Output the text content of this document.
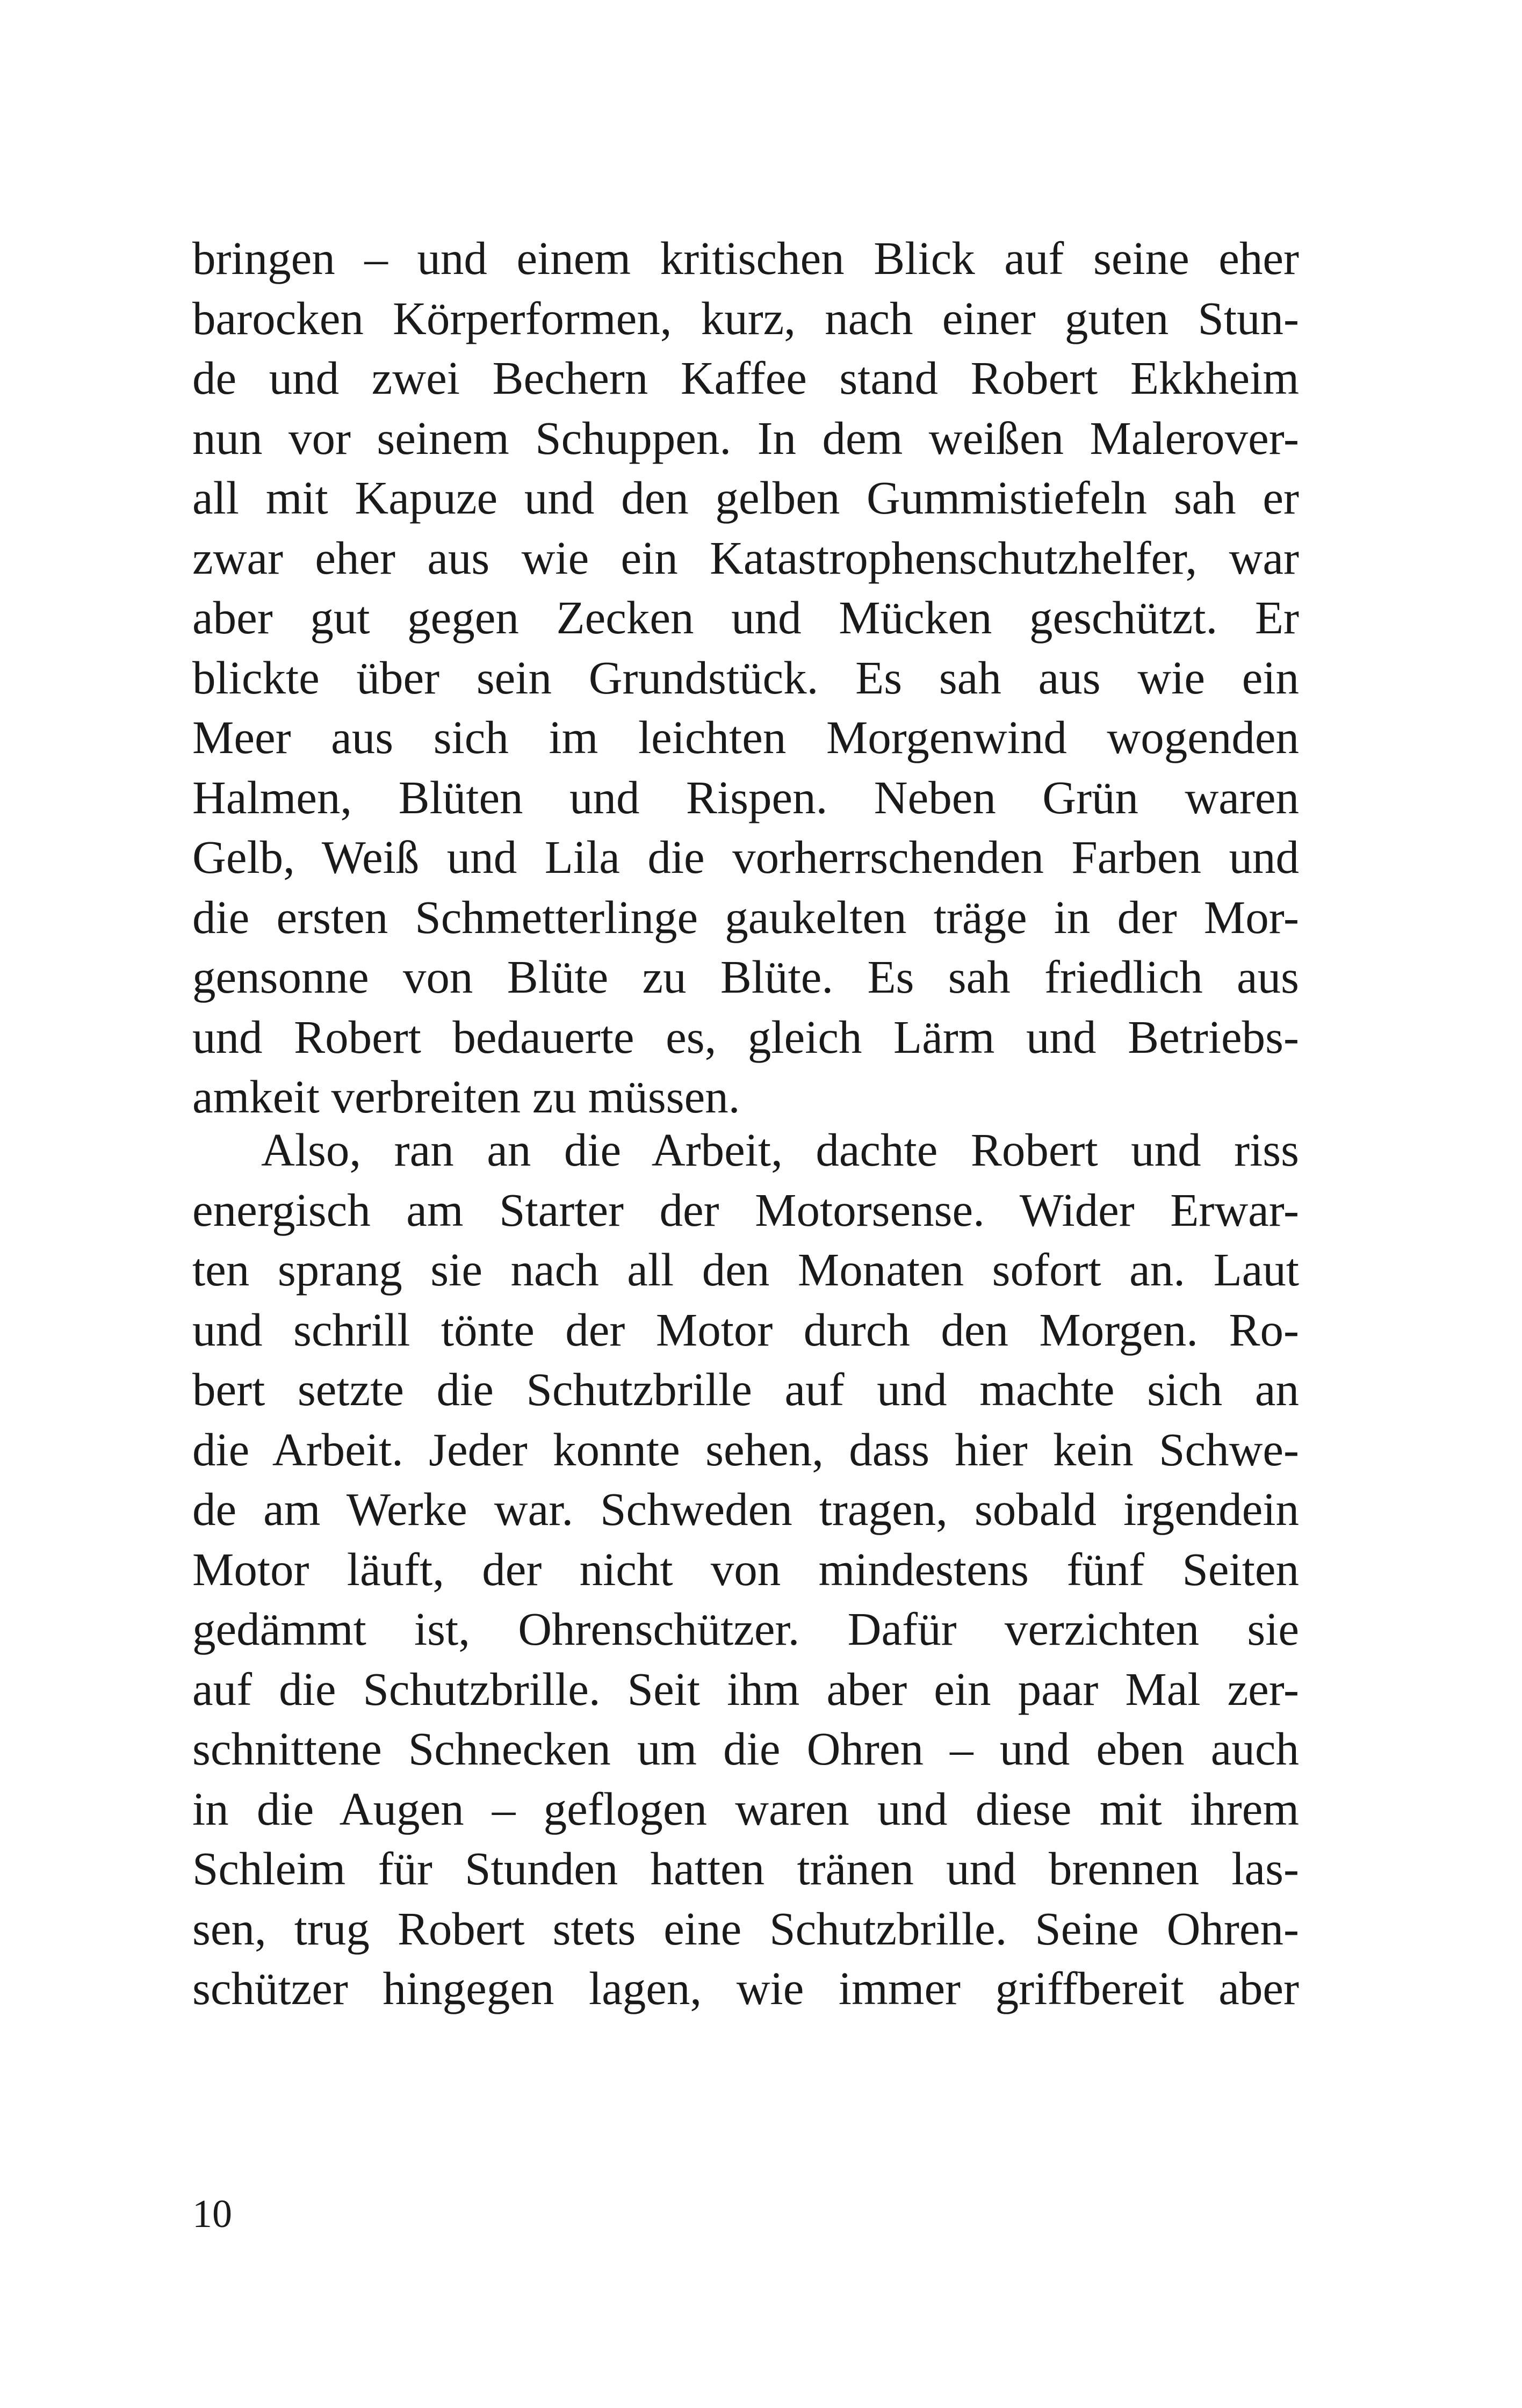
bringen – und einem kritischen Blick auf seine eher
barocken Körperformen, kurz, nach einer guten Stun-
de und zwei Bechern Kaffee stand Robert Ekkheim
nun vor seinem Schuppen. In dem weißen Malerover-
all mit Kapuze und den gelben Gummistiefeln sah er
zwar eher aus wie ein Katastrophenschutzhelfer, war
aber gut gegen Zecken und Mücken geschützt. Er
blickte über sein Grundstück. Es sah aus wie ein
Meer aus sich im leichten Morgenwind wogenden
Halmen, Blüten und Rispen. Neben Grün waren
Gelb, Weiß und Lila die vorherrschenden Farben und
die ersten Schmetterlinge gaukelten träge in der Mor-
gensonne von Blüte zu Blüte. Es sah friedlich aus
und Robert bedauerte es, gleich Lärm und Betriebs-
amkeit verbreiten zu müssen.
Also, ran an die Arbeit, dachte Robert und riss
energisch am Starter der Motorsense. Wider Erwar-
ten sprang sie nach all den Monaten sofort an. Laut
und schrill tönte der Motor durch den Morgen. Ro-
bert setzte die Schutzbrille auf und machte sich an
die Arbeit. Jeder konnte sehen, dass hier kein Schwe-
de am Werke war. Schweden tragen, sobald irgendein
Motor läuft, der nicht von mindestens fünf Seiten
gedämmt ist, Ohrenschützer. Dafür verzichten sie
auf die Schutzbrille. Seit ihm aber ein paar Mal zer-
schnittene Schnecken um die Ohren – und eben auch
in die Augen – geflogen waren und diese mit ihrem
Schleim für Stunden hatten tränen und brennen las-
sen, trug Robert stets eine Schutzbrille. Seine Ohren-
schützer hingegen lagen, wie immer griffbereit aber
10
